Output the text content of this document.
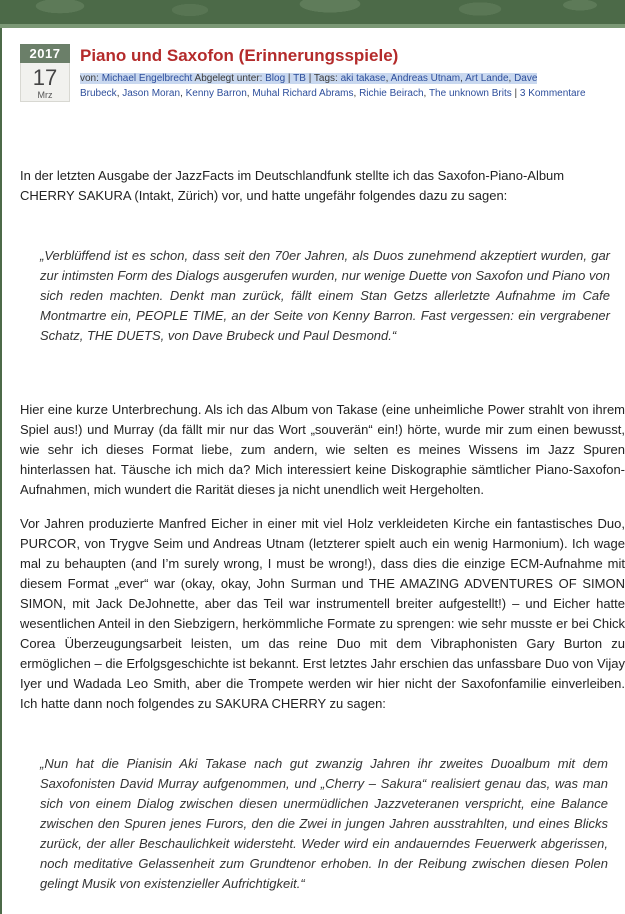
2017
17
Mrz
Piano und Saxofon (Erinnerungsspiele)
von: Michael Engelbrecht Abgelegt unter: Blog | TB | Tags: aki takase, Andreas Utnam, Art Lande, Dave
Brubeck, Jason Moran, Kenny Barron, Muhal Richard Abrams, Richie Beirach, The unknown Brits | 3 Kommentare

In der letzten Ausgabe der JazzFacts im Deutschlandfunk stellte ich das Saxofon-Piano-Album
CHERRY SAKURA (Intakt, Zürich) vor, und hatte ungefähr folgendes dazu zu sagen:

„Verblüffend ist es schon, dass seit den 70er Jahren, als Duos zunehmend akzeptiert wurden, gar zur intimsten Form des Dialogs ausgerufen wurden, nur wenige Duette von Saxofon und Piano von sich reden machten. Denkt man zurück, fällt einem Stan Getzs allerletzte Aufnahme im Cafe Montmartre ein, PEOPLE TIME, an der Seite von Kenny Barron. Fast vergessen: ein vergrabener Schatz, THE DUETS, von Dave Brubeck und Paul Desmond.“

Hier eine kurze Unterbrechung. Als ich das Album von Takase (eine unheimliche Power strahlt von ihrem Spiel aus!) und Murray (da fällt mir nur das Wort „souverän“ ein!) hörte, wurde mir zum einen bewusst, wie sehr ich dieses Format liebe, zum andern, wie selten es meines Wissens im Jazz Spuren hinterlassen hat. Täusche ich mich da? Mich interessiert keine Diskographie sämtlicher Piano-Saxofon-Aufnahmen, mich wundert die Rarität dieses ja nicht unendlich weit Hergeholten.

Vor Jahren produzierte Manfred Eicher in einer mit viel Holz verkleideten Kirche ein fantastisches Duo, PURCOR, von Trygve Seim und Andreas Utnam (letzterer spielt auch ein wenig Harmonium). Ich wage mal zu behaupten (and I’m surely wrong, I must be wrong!), dass dies die einzige ECM-Aufnahme mit diesem Format „ever“ war (okay, okay, John Surman und THE AMAZING ADVENTURES OF SIMON SIMON, mit Jack DeJohnette, aber das Teil war instrumentell breiter aufgestellt!) – und Eicher hatte wesentlichen Anteil in den Siebzigern, herkömmliche Formate zu sprengen: wie sehr musste er bei Chick Corea Überzeugungsarbeit leisten, um das reine Duo mit dem Vibraphonisten Gary Burton zu ermöglichen – die Erfolgsgeschichte ist bekannt. Erst letztes Jahr erschien das unfassbare Duo von Vijay Iyer und Wadada Leo Smith, aber die Trompete werden wir hier nicht der Saxofonfamilie einverleiben. Ich hatte dann noch folgendes zu SAKURA CHERRY zu sagen:

„Nun hat die Pianisin Aki Takase nach gut zwanzig Jahren ihr zweites Duoalbum mit dem Saxofonisten David Murray aufgenommen, und „Cherry – Sakura“ realisiert genau das, was man sich von einem Dialog zwischen diesen unermüdlichen Jazzveteranen verspricht, eine Balance zwischen den Spuren jenes Furors, den die Zwei in jungen Jahren ausstrahlten, und eines Blicks zurück, der aller Beschaulichkeit widersteht. Weder wird ein andauerndes Feuerwerk abgerissen, noch meditative Gelassenheit zum Grundtenor erhoben. In der Reibung zwischen diesen Polen gelingt Musik von existenzieller Aufrichtigkeit.“
